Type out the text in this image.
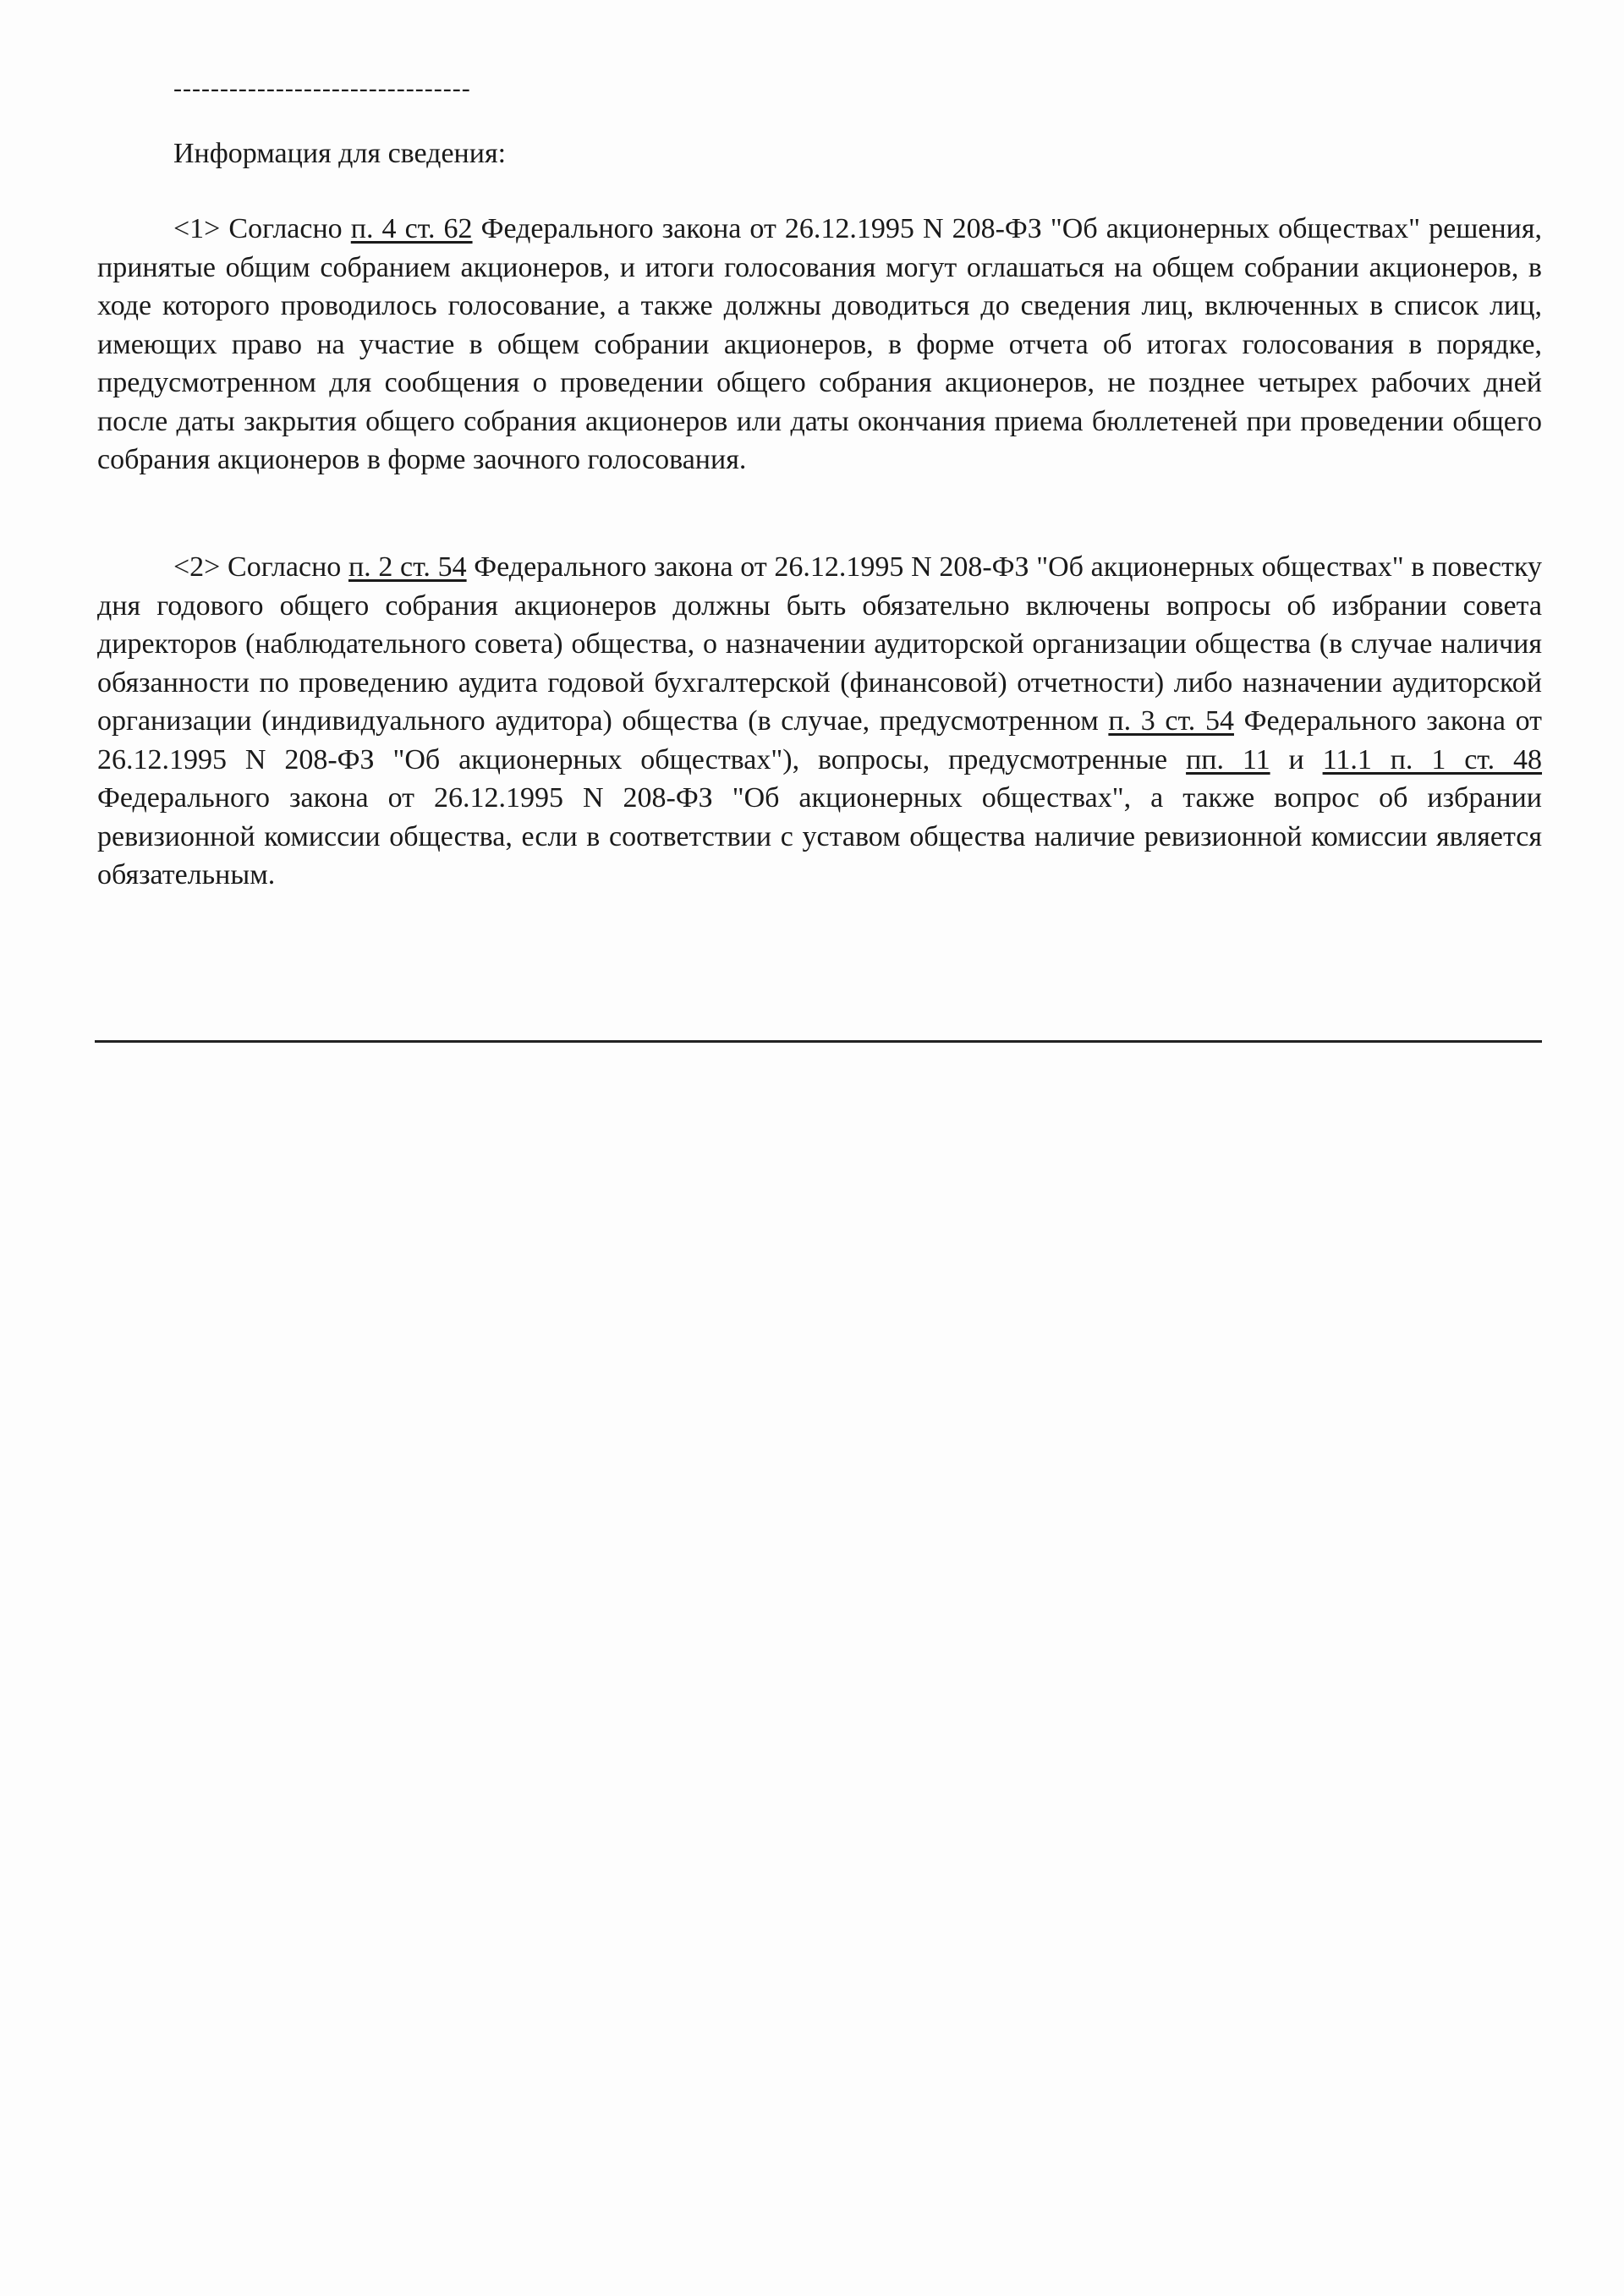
--------------------------------
Информация для сведения:

<1> Согласно п. 4 ст. 62 Федерального закона от 26.12.1995 N 208-ФЗ "Об акционерных обществах" решения, принятые общим собранием акционеров, и итоги голосования могут оглашаться на общем собрании акционеров, в ходе которого проводилось голосование, а также должны доводиться до сведения лиц, включенных в список лиц, имеющих право на участие в общем собрании акционеров, в форме отчета об итогах голосования в порядке, предусмотренном для сообщения о проведении общего собрания акционеров, не позднее четырех рабочих дней после даты закрытия общего собрания акционеров или даты окончания приема бюллетеней при проведении общего собрания акционеров в форме заочного голосования.

<2> Согласно п. 2 ст. 54 Федерального закона от 26.12.1995 N 208-ФЗ "Об акционерных обществах" в повестку дня годового общего собрания акционеров должны быть обязательно включены вопросы об избрании совета директоров (наблюдательного совета) общества, о назначении аудиторской организации общества (в случае наличия обязанности по проведению аудита годовой бухгалтерской (финансовой) отчетности) либо назначении аудиторской организации (индивидуального аудитора) общества (в случае, предусмотренном п. 3 ст. 54 Федерального закона от 26.12.1995 N 208-ФЗ "Об акционерных обществах"), вопросы, предусмотренные пп. 11 и 11.1 п. 1 ст. 48 Федерального закона от 26.12.1995 N 208-ФЗ "Об акционерных обществах", а также вопрос об избрании ревизионной комиссии общества, если в соответствии с уставом общества наличие ревизионной комиссии является обязательным.
